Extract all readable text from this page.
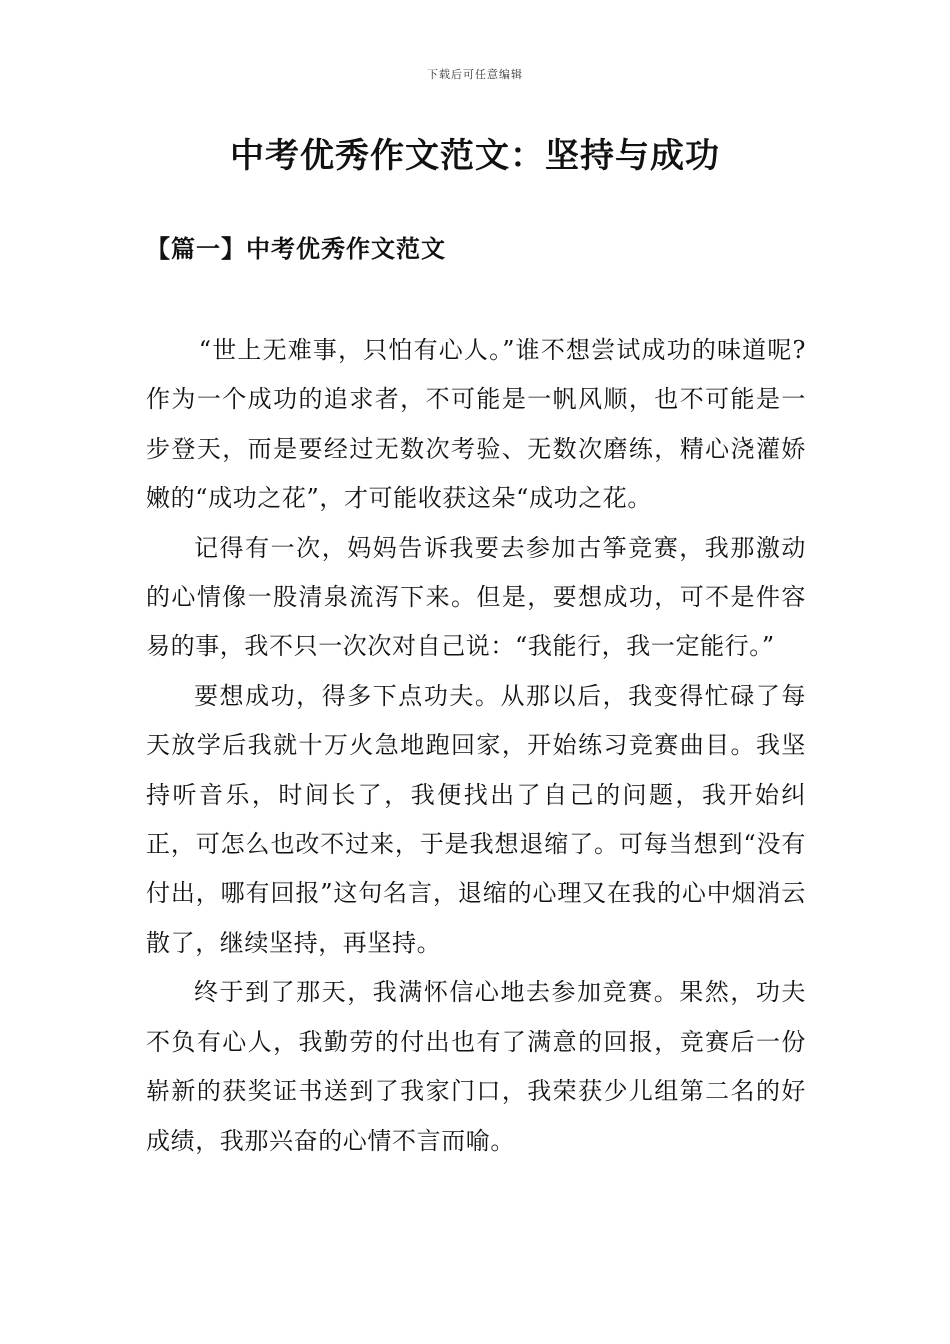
下载后可任意编辑
中考优秀作文范文：坚持与成功
【篇一】中考优秀作文范文

“世上无难事，只怕有心人。”谁不想尝试成功的味道呢?作为一个成功的追求者，不可能是一帆风顺，也不可能是一步登天，而是要经过无数次考验、无数次磨练，精心浇灌娇嫩的“成功之花”，才可能收获这朵“成功之花。

记得有一次，妈妈告诉我要去参加古筝竞赛，我那激动的心情像一股清泉流泻下来。但是，要想成功，可不是件容易的事，我不只一次次对自己说：“我能行，我一定能行。”

要想成功，得多下点功夫。从那以后，我变得忙碌了每天放学后我就十万火急地跑回家，开始练习竞赛曲目。我坚持听音乐，时间长了，我便找出了自己的问题，我开始纠正，可怎么也改不过来，于是我想退缩了。可每当想到“没有付出，哪有回报”这句名言，退缩的心理又在我的心中烟消云散了，继续坚持，再坚持。

终于到了那天，我满怀信心地去参加竞赛。果然，功夫不负有心人，我勤劳的付出也有了满意的回报，竞赛后一份崭新的获奖证书送到了我家门口，我荣获少儿组第二名的好成绩，我那兴奋的心情不言而喻。
